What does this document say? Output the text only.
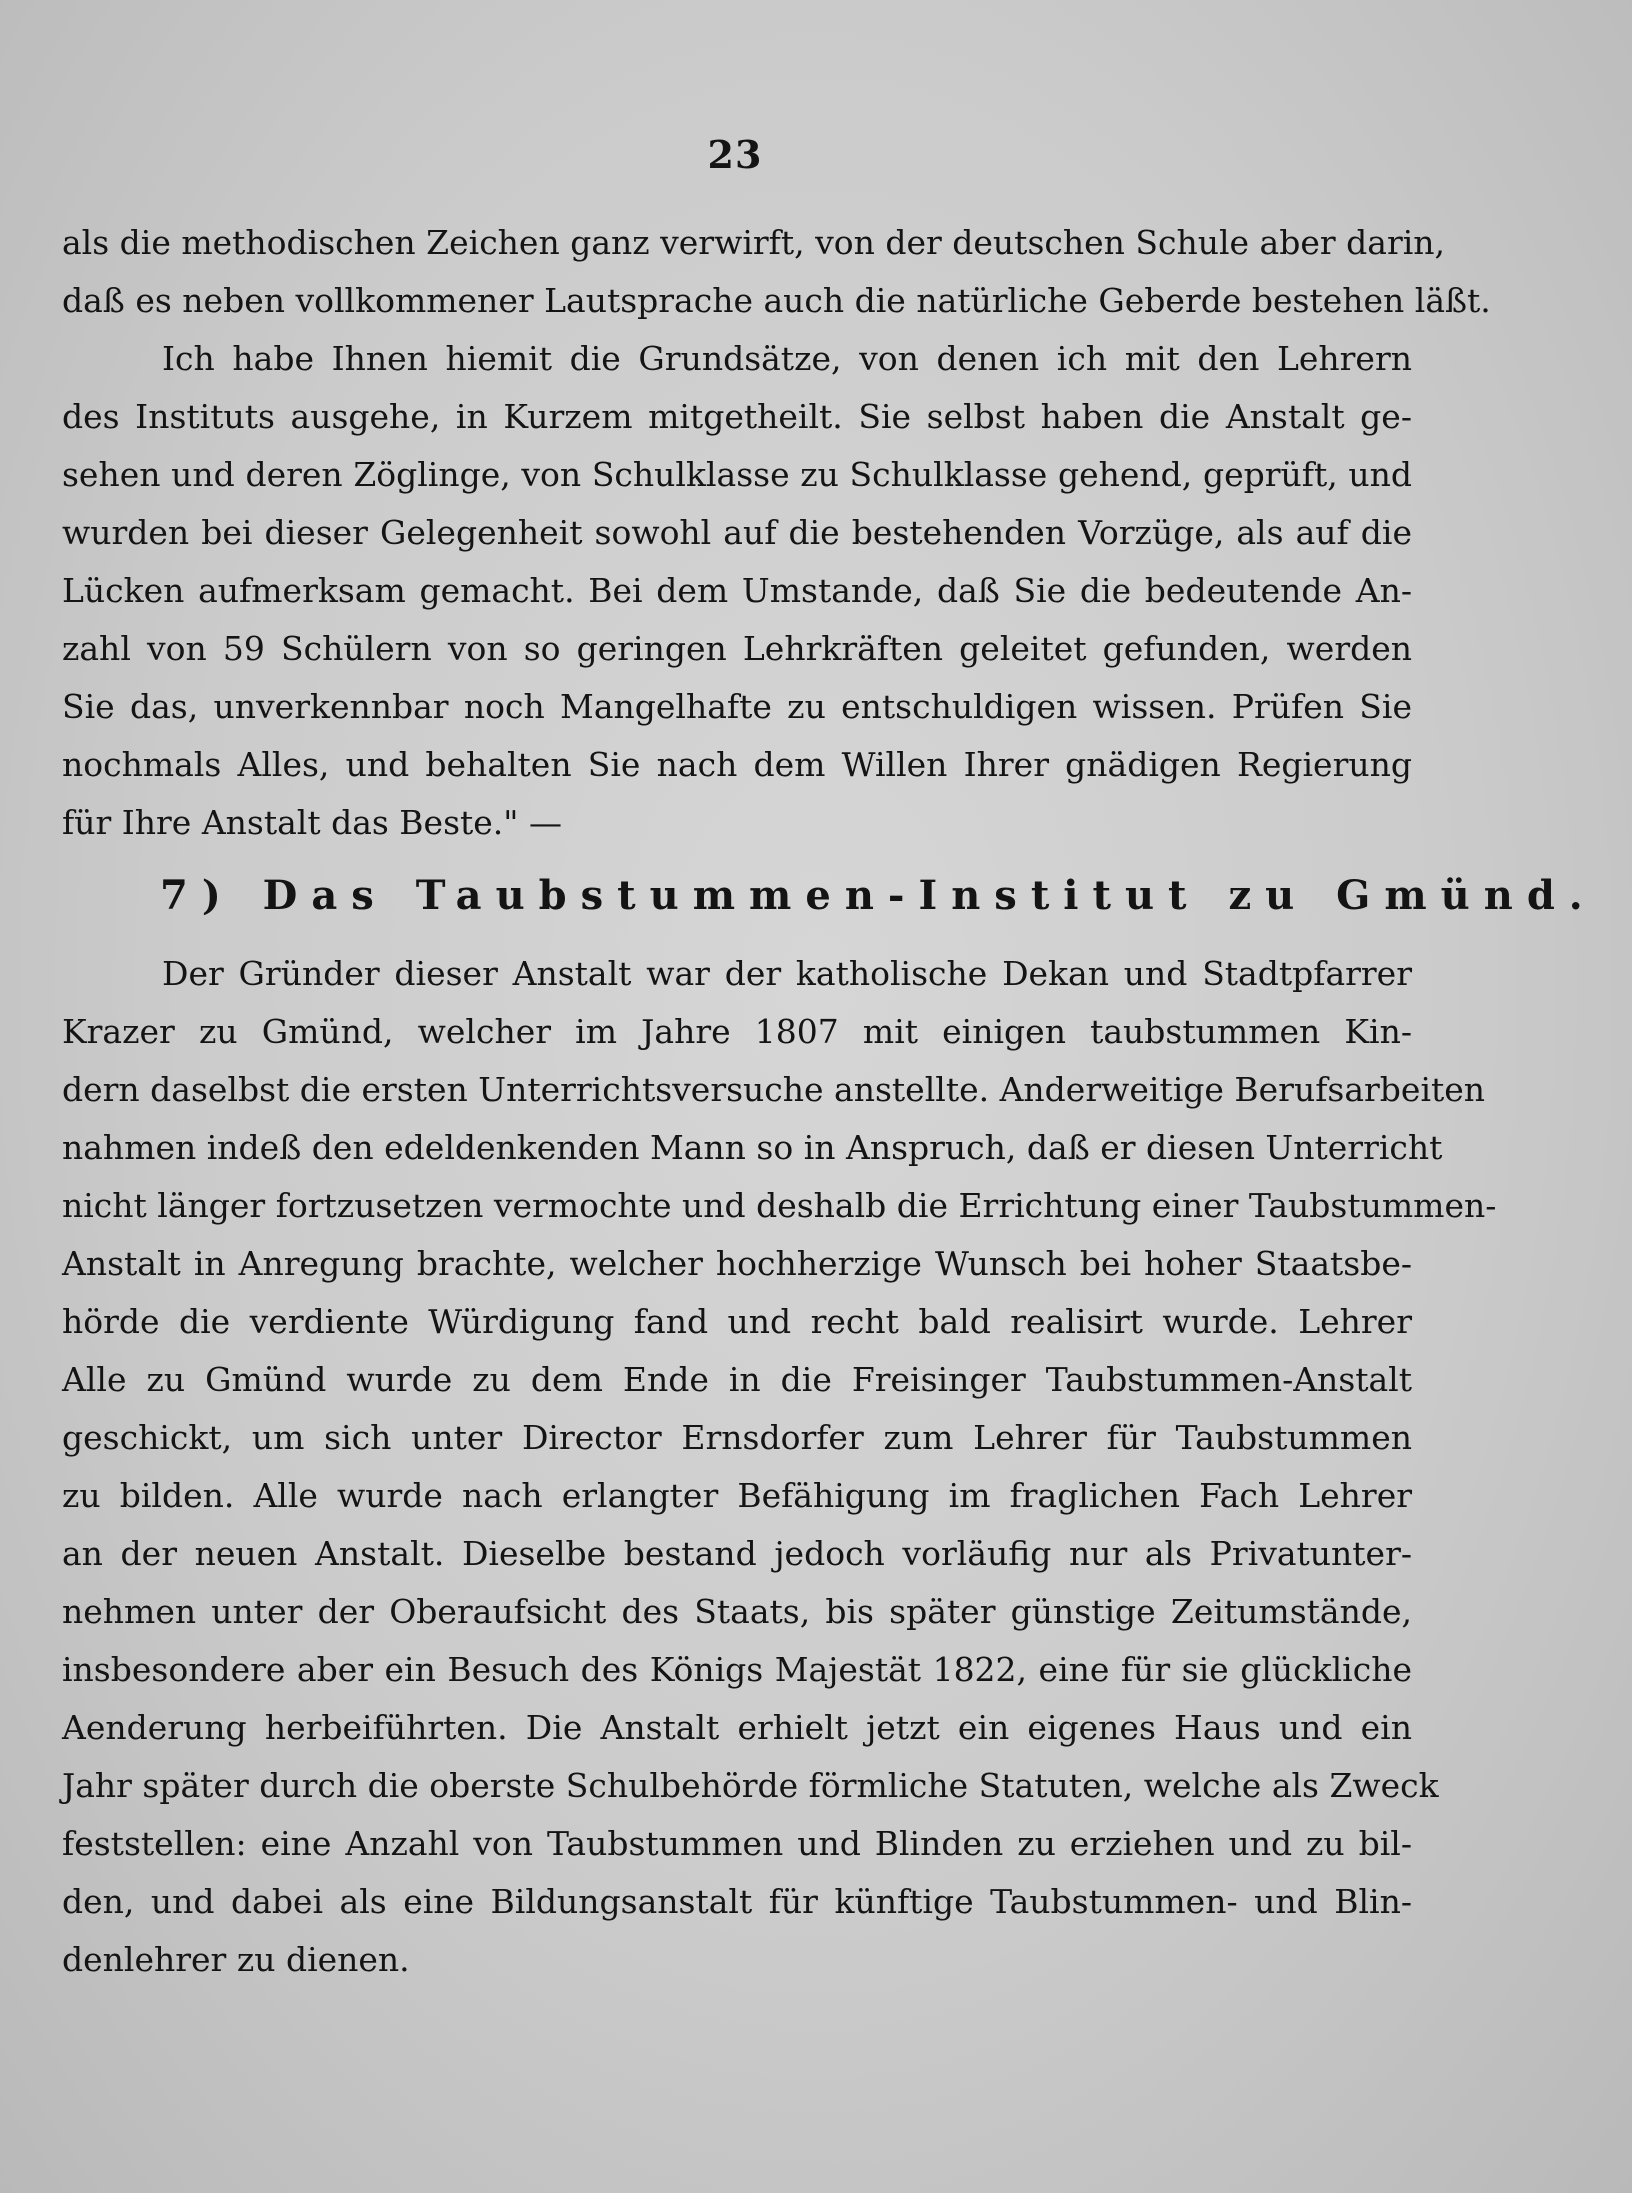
23
als die methodischen Zeichen ganz verwirft, von der deutschen Schule aber darin,
daß es neben vollkommener Lautsprache auch die natürliche Geberde bestehen läßt.
Ich habe Ihnen hiemit die Grundsätze, von denen ich mit den Lehrern
des Instituts ausgehe, in Kurzem mitgetheilt. Sie selbst haben die Anstalt ge-
sehen und deren Zöglinge, von Schulklasse zu Schulklasse gehend, geprüft, und
wurden bei dieser Gelegenheit sowohl auf die bestehenden Vorzüge, als auf die
Lücken aufmerksam gemacht. Bei dem Umstande, daß Sie die bedeutende An-
zahl von 59 Schülern von so geringen Lehrkräften geleitet gefunden, werden
Sie das, unverkennbar noch Mangelhafte zu entschuldigen wissen. Prüfen Sie
nochmals Alles, und behalten Sie nach dem Willen Ihrer gnädigen Regierung
für Ihre Anstalt das Beste." —
7) Das Taubstummen-Institut zu Gmünd.
Der Gründer dieser Anstalt war der katholische Dekan und Stadtpfarrer
Krazer zu Gmünd, welcher im Jahre 1807 mit einigen taubstummen Kin-
dern daselbst die ersten Unterrichtsversuche anstellte. Anderweitige Berufsarbeiten
nahmen indeß den edeldenkenden Mann so in Anspruch, daß er diesen Unterricht
nicht länger fortzusetzen vermochte und deshalb die Errichtung einer Taubstummen-
Anstalt in Anregung brachte, welcher hochherzige Wunsch bei hoher Staatsbe-
hörde die verdiente Würdigung fand und recht bald realisirt wurde. Lehrer
Alle zu Gmünd wurde zu dem Ende in die Freisinger Taubstummen-Anstalt
geschickt, um sich unter Director Ernsdorfer zum Lehrer für Taubstummen
zu bilden. Alle wurde nach erlangter Befähigung im fraglichen Fach Lehrer
an der neuen Anstalt. Dieselbe bestand jedoch vorläufig nur als Privatunter-
nehmen unter der Oberaufsicht des Staats, bis später günstige Zeitumstände,
insbesondere aber ein Besuch des Königs Majestät 1822, eine für sie glückliche
Aenderung herbeiführten. Die Anstalt erhielt jetzt ein eigenes Haus und ein
Jahr später durch die oberste Schulbehörde förmliche Statuten, welche als Zweck
feststellen: eine Anzahl von Taubstummen und Blinden zu erziehen und zu bil-
den, und dabei als eine Bildungsanstalt für künftige Taubstummen- und Blin-
denlehrer zu dienen.
